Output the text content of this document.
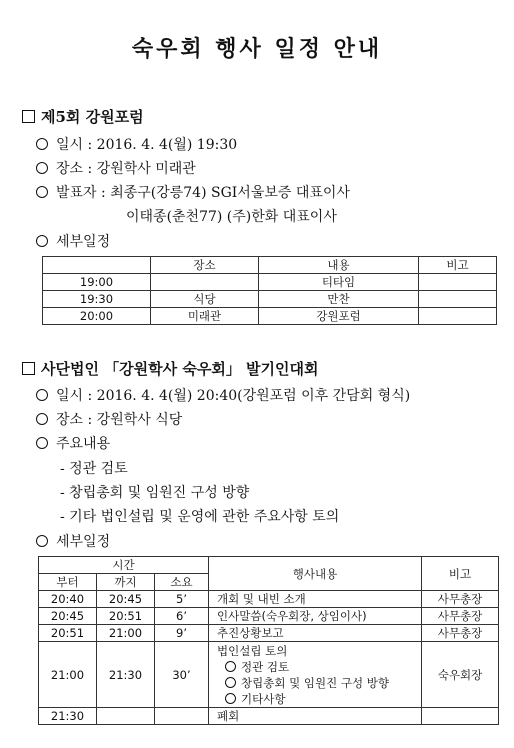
숙우회 행사 일정 안내
제5회 강원포럼
일시 : 2016. 4. 4(월) 19:30
장소 : 강원학사 미래관
발표자 : 최종구(강릉74) SGI서울보증 대표이사
이태종(춘천77) (주)한화 대표이사
세부일정
	장소	내용	비고
19:00		티타임	
19:30	식당	만찬	
20:00	미래관	강원포럼	
사단법인 「강원학사 숙우회」 발기인대회
일시 : 2016. 4. 4(월) 20:40(강원포럼 이후 간담회 형식)
장소 : 강원학사 식당
주요내용
- 정관 검토
- 창립총회 및 임원진 구성 방향
- 기타 법인설립 및 운영에 관한 주요사항 토의
세부일정
시간			행사내용	비고
부터	까지	소요		
20:40	20:45	5’	개회 및 내빈 소개	사무총장
20:45	20:51	6’	인사말씀(숙우회장, 상임이사)	사무총장
20:51	21:00	9’	추진상황보고	사무총장
21:00	21:30	30’	법인설립 토의
정관 검토
창립총회 및 임원진 구성 방향
기타사항	숙우회장
21:30			폐회	
